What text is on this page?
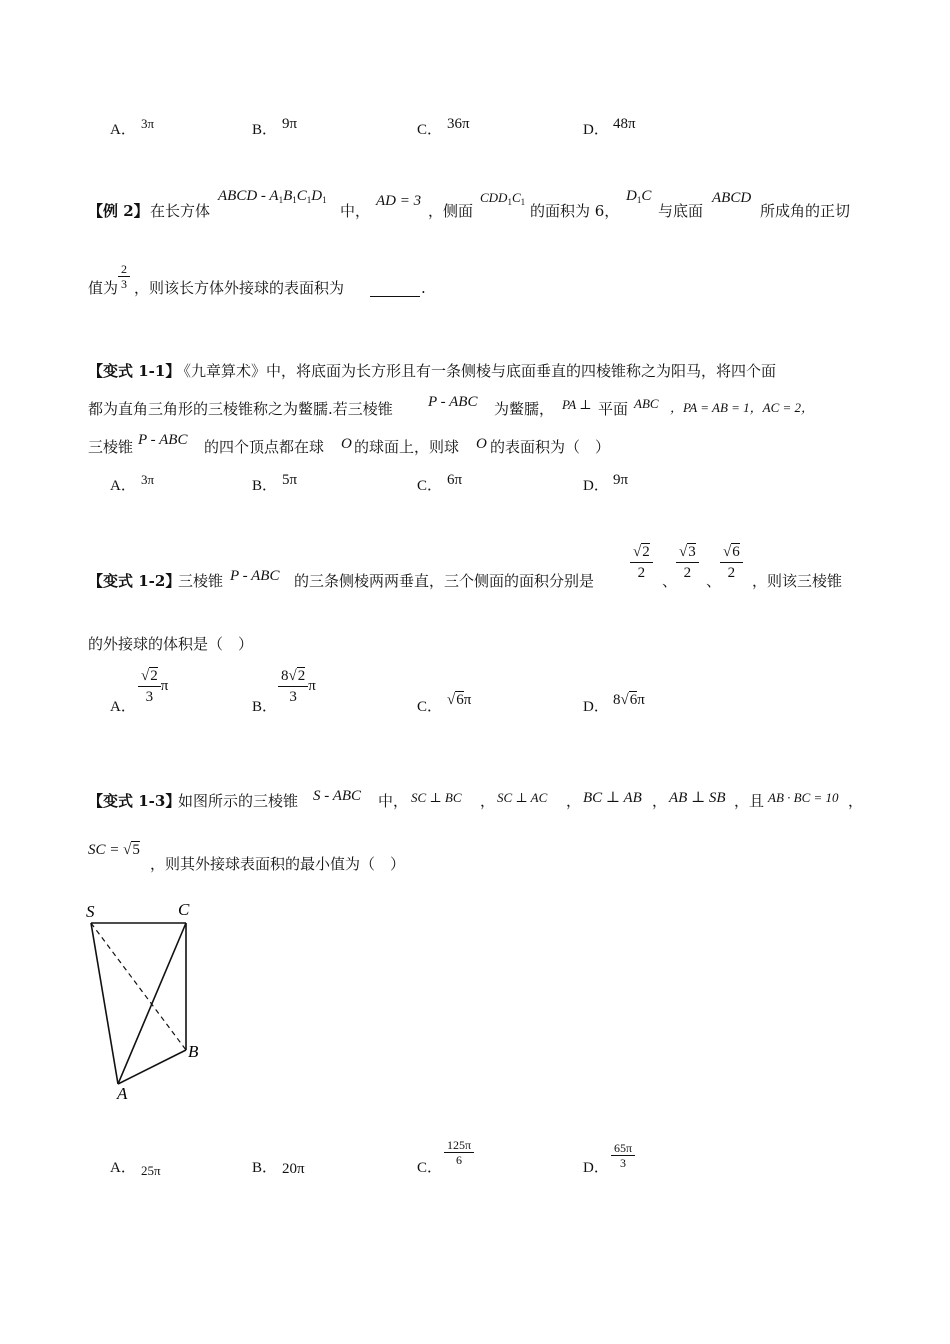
A． 3π	B． 9π	C． 36π	D． 48π
【例 2】 在长方体
ABCD - $A_1B_1C_1D_1$
中，
AD = 3
，侧面
$CDD_1C_1$ 的面积为 6，
$D_1C$
与底面
ABCD
所成角的正切
值为 $\frac{2}{3}$ ，则该长方体外接球的表面积为	.
【变式 1-1】
《九章算术》中，将底面为长方形且有一条侧棱与底面垂直的四棱锥称之为阳马，将四个面
都为直角三角形的三棱锥称之为鳖臑.若三棱锥 P - ABC 为鳖臑， PA ⊥ 平面 ABC ，PA = AB = 1，AC = 2，
三棱锥 P - ABC 的四个顶点都在球 O 的球面上，则球 O 的表面积为（　）
A． 3π	B． 5π	C． 6π	D． 9π
【变式 1-2】
三棱锥 P - ABC 的三条侧棱两两垂直，三个侧面的面积分别是 $\frac{√2}{2}$ 、
$\frac{√3}{2}$ 、
$\frac{√6}{2}$ ，则该三棱锥
的外接球的体积是（　）
A． $\frac{√2}{3}$ π
B． $\frac{8√2}{3}$ π
C． √6π	D． 8√6π
【变式 1-3】
如图所示的三棱锥 S - ABC 中， SC ⊥ BC ， SC ⊥ AC ， BC ⊥ AB ， AB ⊥ SB ，且 AB · BC = 10 ，
SC = √5
，则其外接球表面积的最小值为（　）
S	C
B
A
A． 25π	B． 20π	C．
$\frac{125\pi}{6}$
D． $\frac{65\pi}{3}$
